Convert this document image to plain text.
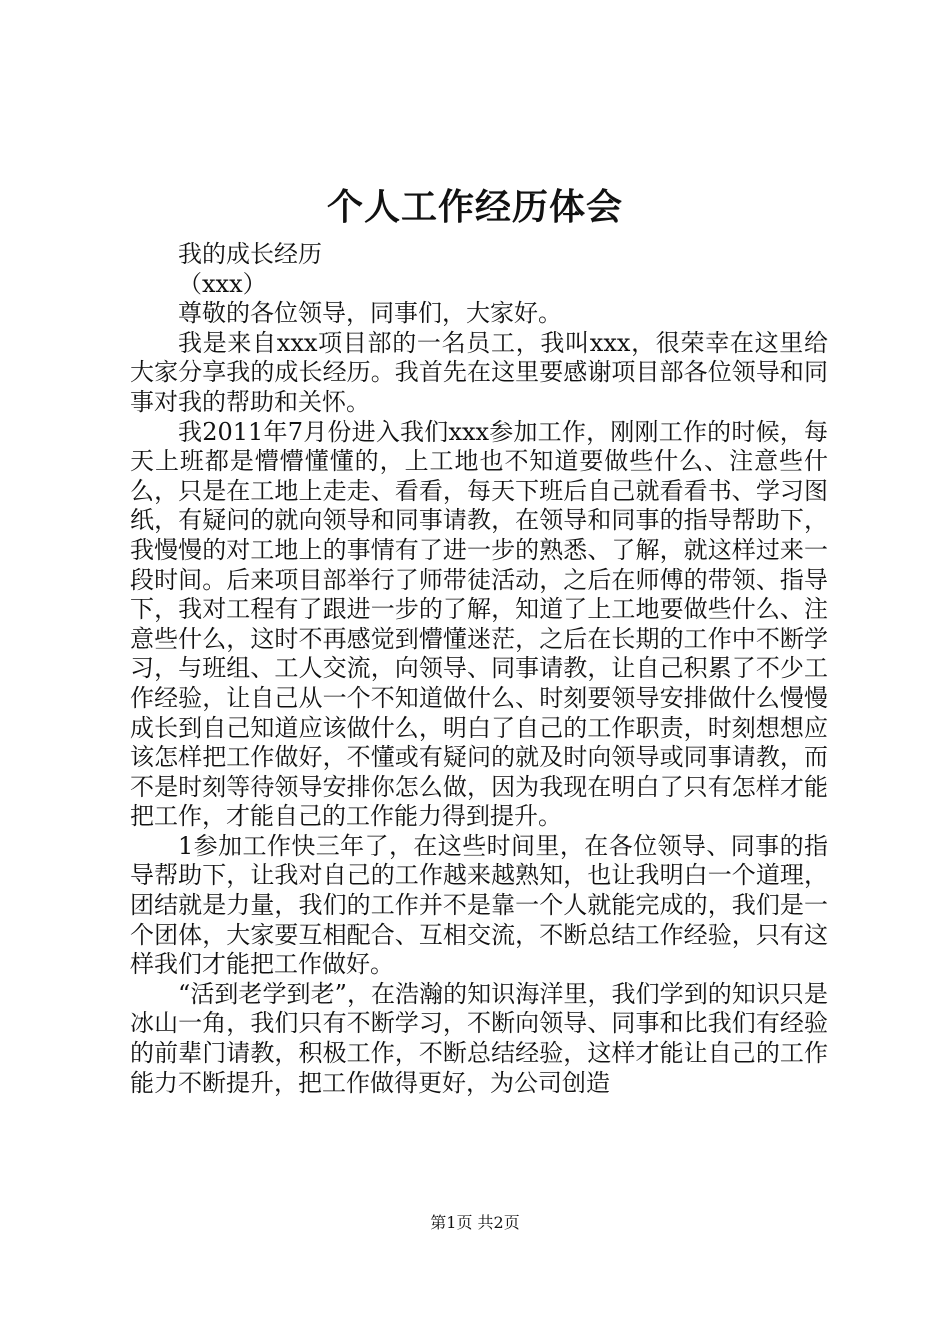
个人工作经历体会

我的成长经历

（xxx）

尊敬的各位领导，同事们，大家好。

我是来自xxx项目部的一名员工，我叫xxx，很荣幸在这里给大家分享我的成长经历。我首先在这里要感谢项目部各位领导和同事对我的帮助和关怀。

我2011年7月份进入我们xxx参加工作，刚刚工作的时候，每天上班都是懵懵懂懂的，上工地也不知道要做些什么、注意些什么，只是在工地上走走、看看，每天下班后自己就看看书、学习图纸，有疑问的就向领导和同事请教，在领导和同事的指导帮助下，我慢慢的对工地上的事情有了进一步的熟悉、了解，就这样过来一段时间。后来项目部举行了师带徒活动，之后在师傅的带领、指导下，我对工程有了跟进一步的了解，知道了上工地要做些什么、注意些什么，这时不再感觉到懵懂迷茫，之后在长期的工作中不断学习，与班组、工人交流，向领导、同事请教，让自己积累了不少工作经验，让自己从一个不知道做什么、时刻要领导安排做什么慢慢成长到自己知道应该做什么，明白了自己的工作职责，时刻想想应该怎样把工作做好，不懂或有疑问的就及时向领导或同事请教，而不是时刻等待领导安排你怎么做，因为我现在明白了只有怎样才能把工作，才能自己的工作能力得到提升。

1参加工作快三年了，在这些时间里，在各位领导、同事的指导帮助下，让我对自己的工作越来越熟知，也让我明白一个道理，团结就是力量，我们的工作并不是靠一个人就能完成的，我们是一个团体，大家要互相配合、互相交流，不断总结工作经验，只有这样我们才能把工作做好。

“活到老学到老”，在浩瀚的知识海洋里，我们学到的知识只是冰山一角，我们只有不断学习，不断向领导、同事和比我们有经验的前辈门请教，积极工作，不断总结经验，这样才能让自己的工作能力不断提升，把工作做得更好，为公司创造

第1页 共2页
